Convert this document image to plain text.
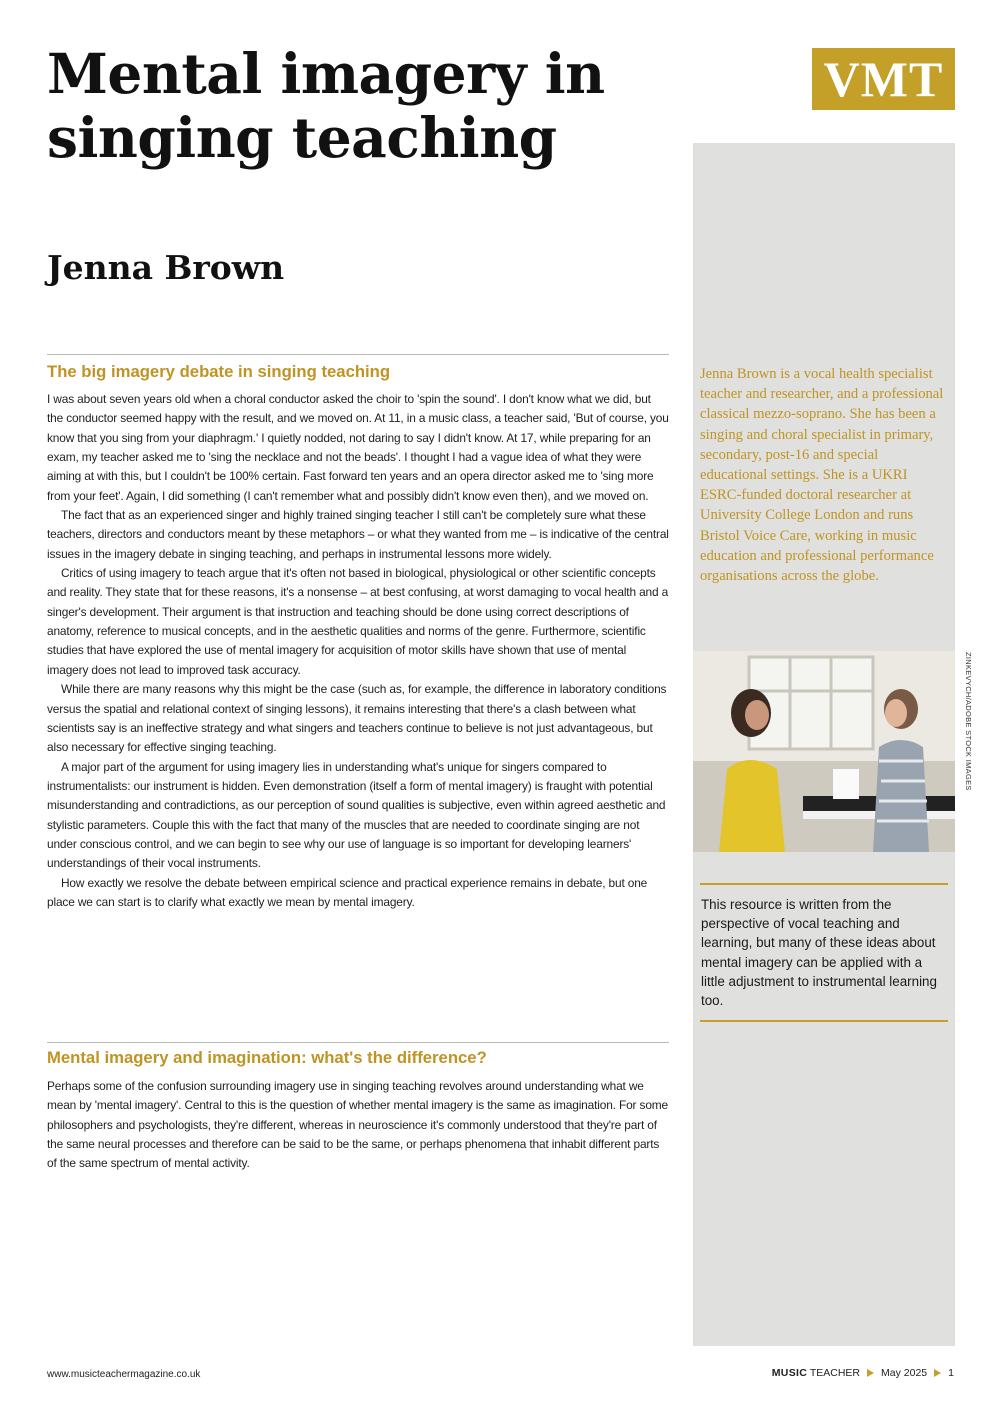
Mental imagery in singing teaching
Jenna Brown
VMT

Jenna Brown is a vocal health specialist teacher and researcher, and a professional classical mezzo-soprano. She has been a singing and choral specialist in primary, secondary, post-16 and special educational settings. She is a UKRI ESRC-funded doctoral researcher at University College London and runs Bristol Voice Care, working in music education and professional performance organisations across the globe.

ZINKEVYCH/ADOBE STOCK IMAGES

This resource is written from the perspective of vocal teaching and learning, but many of these ideas about mental imagery can be applied with a little adjustment to instrumental learning too.

The big imagery debate in singing teaching

I was about seven years old when a choral conductor asked the choir to 'spin the sound'. I don't know what we did, but the conductor seemed happy with the result, and we moved on. At 11, in a music class, a teacher said, 'But of course, you know that you sing from your diaphragm.' I quietly nodded, not daring to say I didn't know. At 17, while preparing for an exam, my teacher asked me to 'sing the necklace and not the beads'. I thought I had a vague idea of what they were aiming at with this, but I couldn't be 100% certain. Fast forward ten years and an opera director asked me to 'sing more from your feet'. Again, I did something (I can't remember what and possibly didn't know even then), and we moved on.

The fact that as an experienced singer and highly trained singing teacher I still can't be completely sure what these teachers, directors and conductors meant by these metaphors – or what they wanted from me – is indicative of the central issues in the imagery debate in singing teaching, and perhaps in instrumental lessons more widely.

Critics of using imagery to teach argue that it's often not based in biological, physiological or other scientific concepts and reality. They state that for these reasons, it's a nonsense – at best confusing, at worst damaging to vocal health and a singer's development. Their argument is that instruction and teaching should be done using correct descriptions of anatomy, reference to musical concepts, and in the aesthetic qualities and norms of the genre. Furthermore, scientific studies that have explored the use of mental imagery for acquisition of motor skills have shown that use of mental imagery does not lead to improved task accuracy.

While there are many reasons why this might be the case (such as, for example, the difference in laboratory conditions versus the spatial and relational context of singing lessons), it remains interesting that there's a clash between what scientists say is an ineffective strategy and what singers and teachers continue to believe is not just advantageous, but also necessary for effective singing teaching.

A major part of the argument for using imagery lies in understanding what's unique for singers compared to instrumentalists: our instrument is hidden. Even demonstration (itself a form of mental imagery) is fraught with potential misunderstanding and contradictions, as our perception of sound qualities is subjective, even within agreed aesthetic and stylistic parameters. Couple this with the fact that many of the muscles that are needed to coordinate singing are not under conscious control, and we can begin to see why our use of language is so important for developing learners' understandings of their vocal instruments.

How exactly we resolve the debate between empirical science and practical experience remains in debate, but one place we can start is to clarify what exactly we mean by mental imagery.

Mental imagery and imagination: what's the difference?

Perhaps some of the confusion surrounding imagery use in singing teaching revolves around understanding what we mean by 'mental imagery'. Central to this is the question of whether mental imagery is the same as imagination. For some philosophers and psychologists, they're different, whereas in neuroscience it's commonly understood that they're part of the same neural processes and therefore can be said to be the same, or perhaps phenomena that inhabit different parts of the same spectrum of mental activity.

www.musicteachermagazine.co.uk	MUSIC TEACHER May 2025 1
